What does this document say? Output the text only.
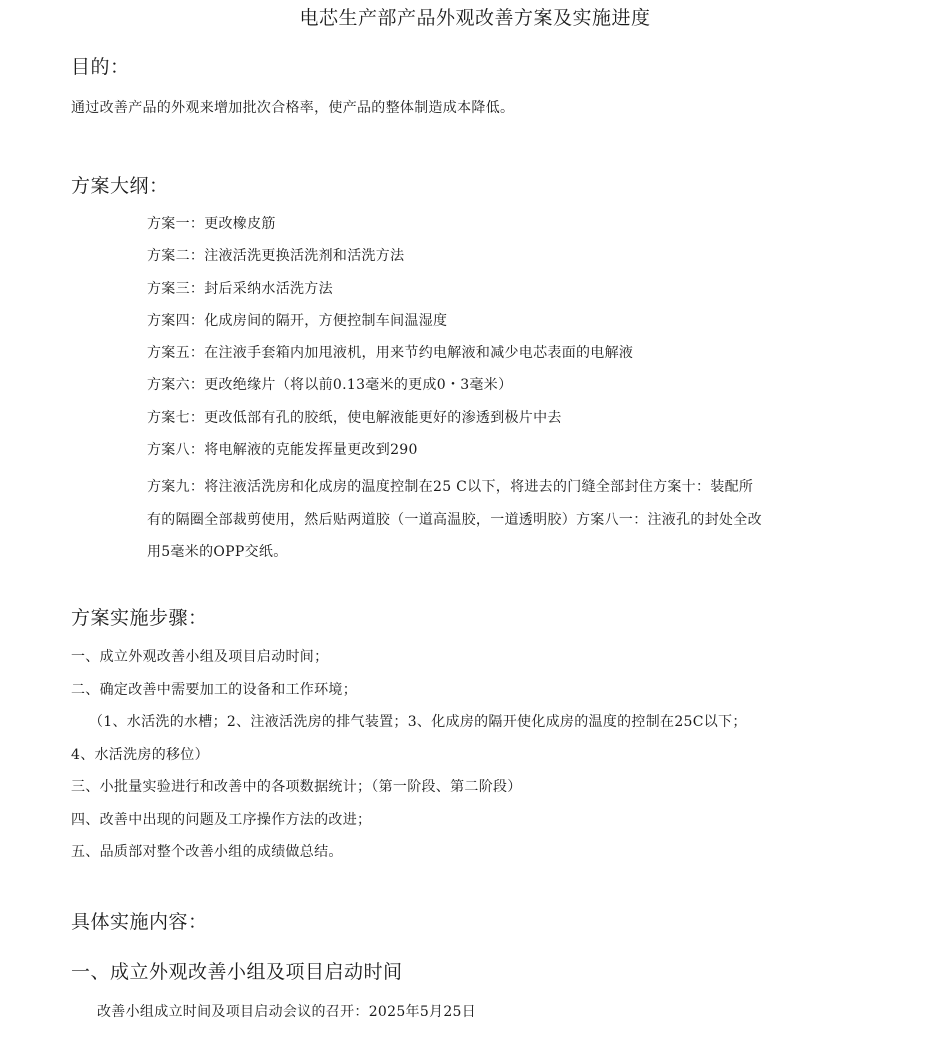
电芯生产部产品外观改善方案及实施进度
目的：
通过改善产品的外观来增加批次合格率，使产品的整体制造成本降低。
方案大纲：
方案一：更改橡皮筋
方案二：注液活洗更换活洗剂和活洗方法
方案三：封后采纳水活洗方法
方案四：化成房间的隔开，方便控制车间温湿度
方案五：在注液手套箱内加甩液机，用来节约电解液和减少电芯表面的电解液
方案六：更改绝缘片（将以前0.13毫米的更成0・3毫米）
方案七：更改低部有孔的胶纸，使电解液能更好的渗透到极片中去
方案八：将电解液的克能发挥量更改到290
方案九：将注液活洗房和化成房的温度控制在25 C以下，将进去的门缝全部封住方案十：装配所
有的隔圈全部裁剪使用，然后贴两道胶（一道高温胶，一道透明胶）方案八一：注液孔的封处全改
用5毫米的OPP交纸。
方案实施步骤：
一、成立外观改善小组及项目启动时间；
二、确定改善中需要加工的设备和工作环境；
（1、水活洗的水槽；2、注液活洗房的排气装置；3、化成房的隔开使化成房的温度的控制在25C以下；
4、水活洗房的移位）
三、小批量实验进行和改善中的各项数据统计；（第一阶段、第二阶段）
四、改善中出现的问题及工序操作方法的改进；
五、品质部对整个改善小组的成绩做总结。
具体实施内容：
一、成立外观改善小组及项目启动时间
改善小组成立时间及项目启动会议的召开：2025年5月25日
